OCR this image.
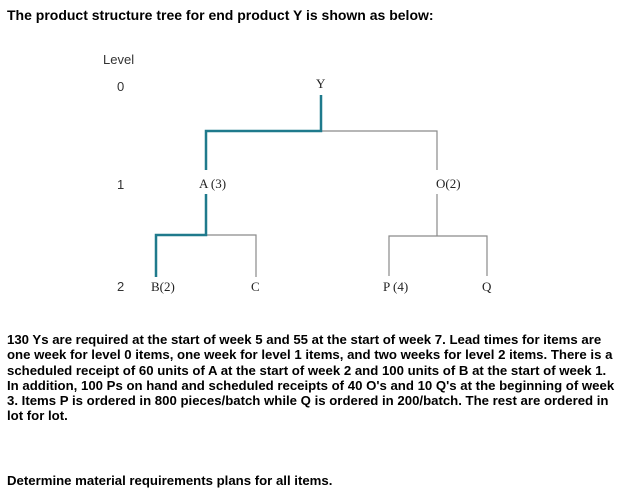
The product structure tree for end product Y is shown as below:
Level
0
1
2
Y
A (3)	O(2)
B(2)	C	P (4)	Q

130 Ys are required at the start of week 5 and 55 at the start of week 7. Lead times for items are one week for level 0 items, one week for level 1 items, and two weeks for level 2 items. There is a scheduled receipt of 60 units of A at the start of week 2 and 100 units of B at the start of week 1. In addition, 100 Ps on hand and scheduled receipts of 40 O's and 10 Q's at the beginning of week 3. Items P is ordered in 800 pieces/batch while Q is ordered in 200/batch. The rest are ordered in lot for lot.

Determine material requirements plans for all items.
